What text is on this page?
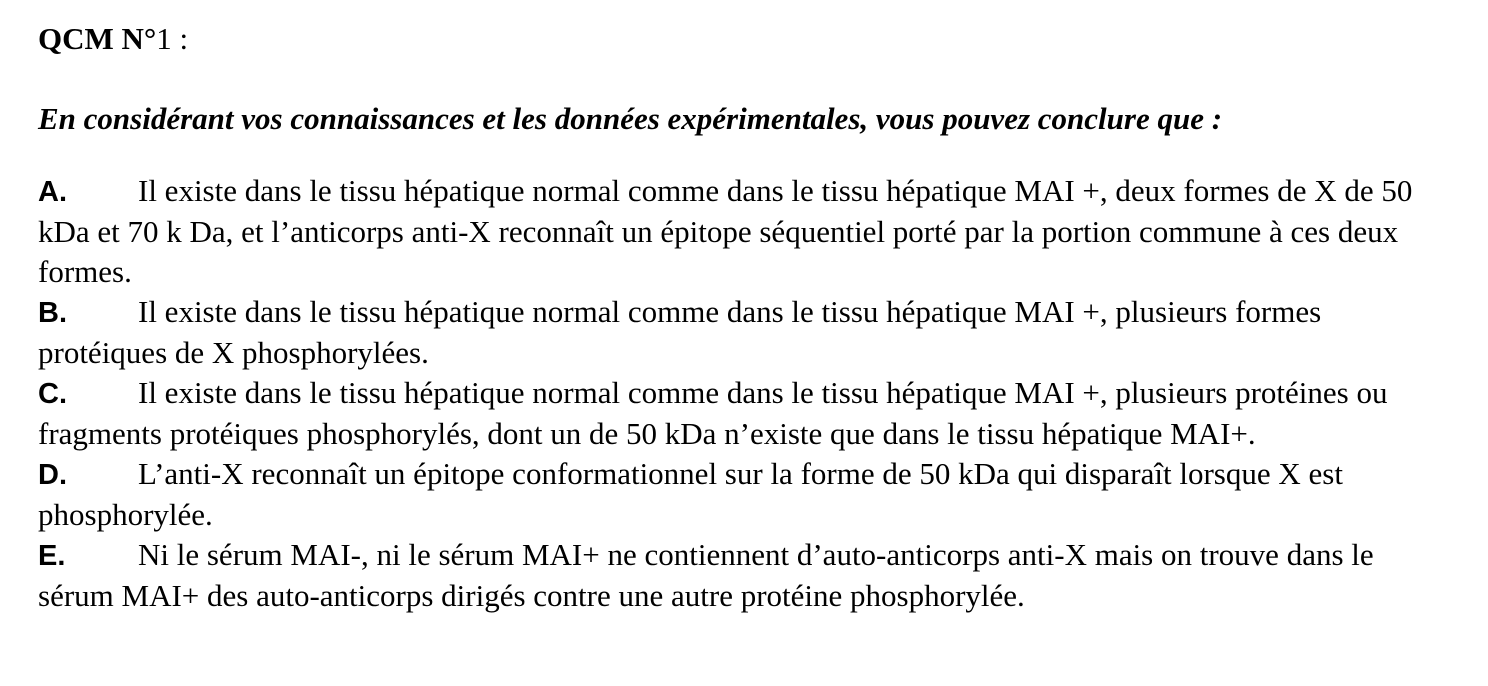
QCM N°1 :
En considérant vos connaissances et les données expérimentales, vous pouvez conclure que :

A. Il existe dans le tissu hépatique normal comme dans le tissu hépatique MAI +, deux formes de X de 50 kDa et 70 k Da, et l’anticorps anti-X reconnaît un épitope séquentiel porté par la portion commune à ces deux formes.

B. Il existe dans le tissu hépatique normal comme dans le tissu hépatique MAI +, plusieurs formes protéiques de X phosphorylées.

C. Il existe dans le tissu hépatique normal comme dans le tissu hépatique MAI +, plusieurs protéines ou fragments protéiques phosphorylés, dont un de 50 kDa n’existe que dans le tissu hépatique MAI+.

D. L’anti-X reconnaît un épitope conformationnel sur la forme de 50 kDa qui disparaît lorsque X est phosphorylée.

E. Ni le sérum MAI-, ni le sérum MAI+ ne contiennent d’auto-anticorps anti-X mais on trouve dans le sérum MAI+ des auto-anticorps dirigés contre une autre protéine phosphorylée.
